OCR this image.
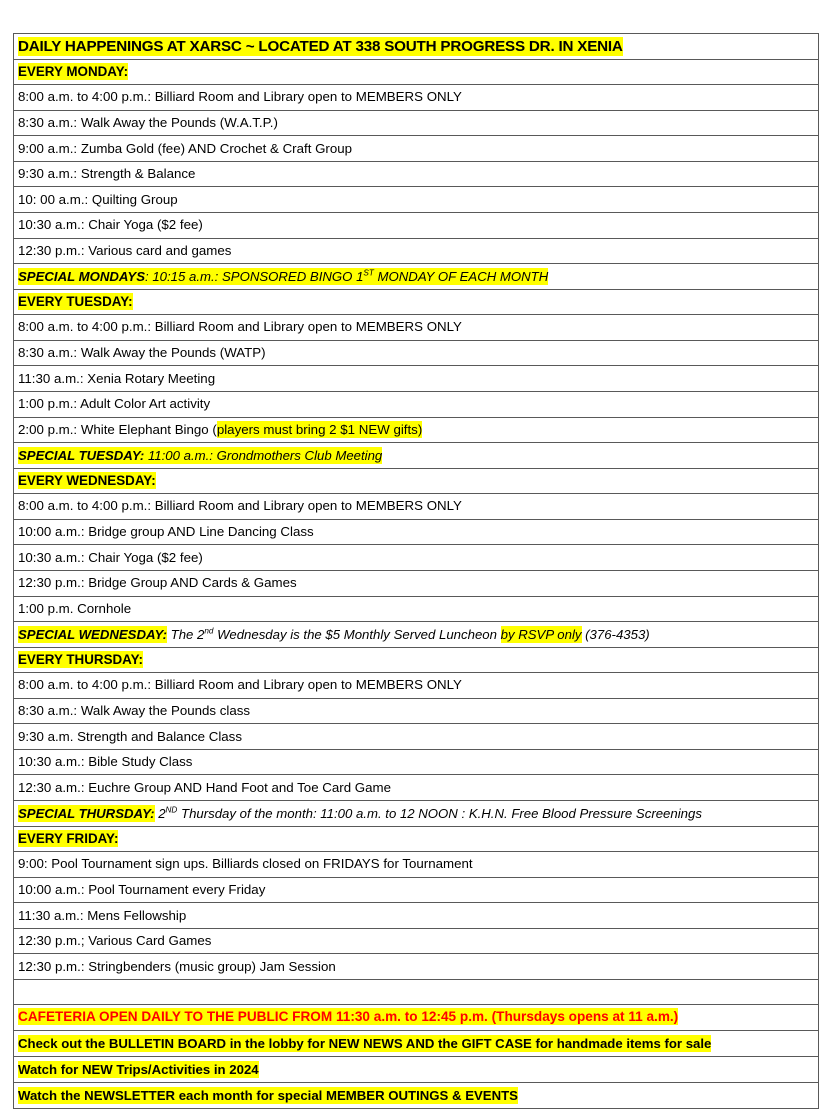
DAILY HAPPENINGS AT XARSC ~ LOCATED AT 338 SOUTH PROGRESS DR. IN XENIA
EVERY MONDAY:
8:00 a.m. to 4:00 p.m.: Billiard Room and Library open to MEMBERS ONLY
8:30 a.m.: Walk Away the Pounds (W.A.T.P.)
9:00 a.m.: Zumba Gold (fee) AND Crochet & Craft Group
9:30 a.m.: Strength & Balance
10: 00 a.m.: Quilting Group
10:30 a.m.: Chair Yoga ($2 fee)
12:30 p.m.: Various card and games
SPECIAL MONDAYS: 10:15 a.m.: SPONSORED BINGO 1ST MONDAY OF EACH MONTH
EVERY TUESDAY:
8:00 a.m. to 4:00 p.m.: Billiard Room and Library open to MEMBERS ONLY
8:30 a.m.: Walk Away the Pounds (WATP)
11:30 a.m.: Xenia Rotary Meeting
1:00 p.m.: Adult Color Art activity
2:00 p.m.: White Elephant Bingo (players must bring 2 $1 NEW gifts)
SPECIAL TUESDAY: 11:00 a.m.: Grondmothers Club Meeting
EVERY WEDNESDAY:
8:00 a.m. to 4:00 p.m.: Billiard Room and Library open to MEMBERS ONLY
10:00 a.m.: Bridge group AND Line Dancing Class
10:30 a.m.: Chair Yoga ($2 fee)
12:30 p.m.: Bridge Group AND Cards & Games
1:00 p.m. Cornhole
SPECIAL WEDNESDAY: The 2nd Wednesday is the $5 Monthly Served Luncheon by RSVP only (376-4353)
EVERY THURSDAY:
8:00 a.m. to 4:00 p.m.: Billiard Room and Library open to MEMBERS ONLY
8:30 a.m.: Walk Away the Pounds class
9:30 a.m. Strength and Balance Class
10:30 a.m.: Bible Study Class
12:30 a.m.: Euchre Group AND Hand Foot and Toe Card Game
SPECIAL THURSDAY: 2ND Thursday of the month: 11:00 a.m. to 12 NOON : K.H.N. Free Blood Pressure Screenings
EVERY FRIDAY:
9:00: Pool Tournament sign ups. Billiards closed on FRIDAYS for Tournament
10:00 a.m.: Pool Tournament every Friday
11:30 a.m.: Mens Fellowship
12:30 p.m.; Various Card Games
12:30 p.m.: Stringbenders (music group) Jam Session

CAFETERIA OPEN DAILY TO THE PUBLIC FROM 11:30 a.m. to 12:45 p.m. (Thursdays opens at 11 a.m.)
Check out the BULLETIN BOARD in the lobby for NEW NEWS AND the GIFT CASE for handmade items for sale
Watch for NEW Trips/Activities in 2024
Watch the NEWSLETTER each month for special MEMBER OUTINGS & EVENTS
